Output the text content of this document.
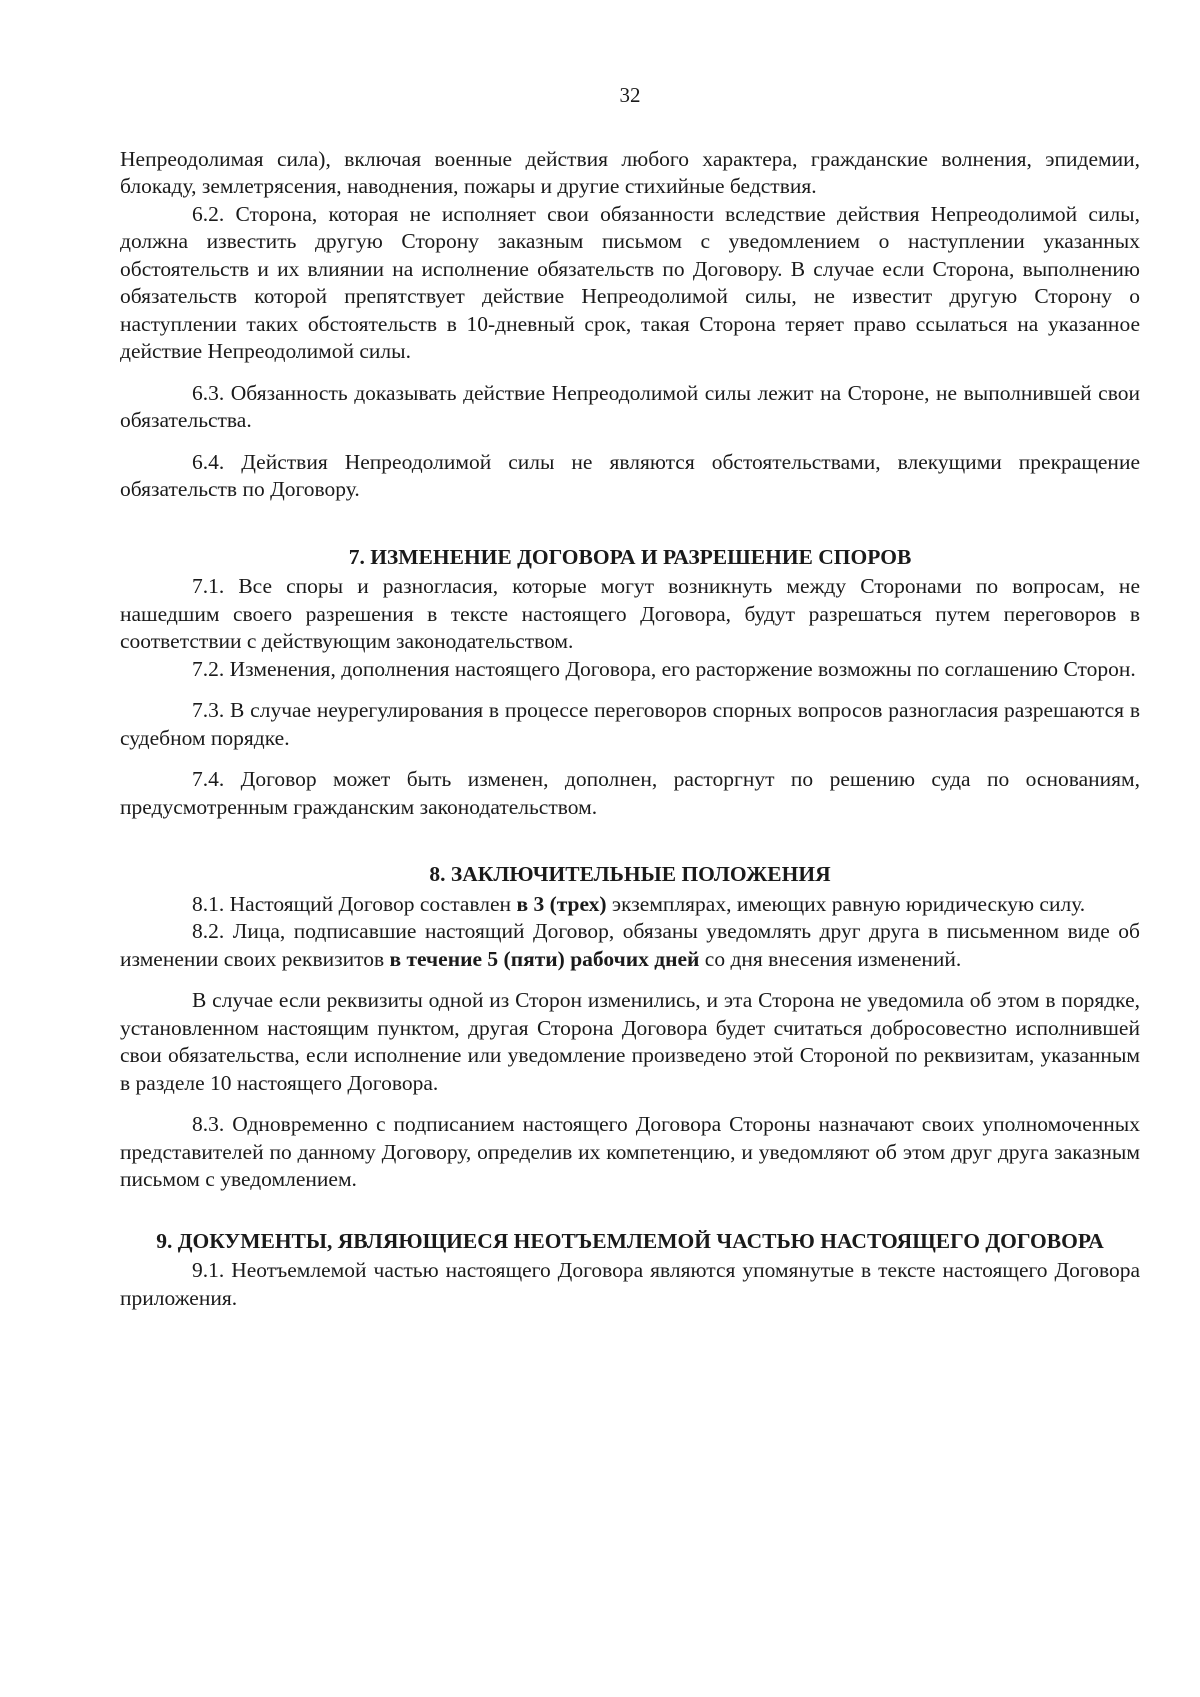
32

Непреодолимая сила), включая военные действия любого характера, гражданские волнения, эпидемии, блокаду, землетрясения, наводнения, пожары и другие стихийные бедствия.

6.2. Сторона, которая не исполняет свои обязанности вследствие действия Непреодолимой силы, должна известить другую Сторону заказным письмом с уведомлением о наступлении указанных обстоятельств и их влиянии на исполнение обязательств по Договору. В случае если Сторона, выполнению обязательств которой препятствует действие Непреодолимой силы, не известит другую Сторону о наступлении таких обстоятельств в 10-дневный срок, такая Сторона теряет право ссылаться на указанное действие Непреодолимой силы.

6.3. Обязанность доказывать действие Непреодолимой силы лежит на Стороне, не выполнившей свои обязательства.

6.4. Действия Непреодолимой силы не являются обстоятельствами, влекущими прекращение обязательств по Договору.

7. ИЗМЕНЕНИЕ ДОГОВОРА И РАЗРЕШЕНИЕ СПОРОВ

7.1. Все споры и разногласия, которые могут возникнуть между Сторонами по вопросам, не нашедшим своего разрешения в тексте настоящего Договора, будут разрешаться путем переговоров в соответствии с действующим законодательством.

7.2. Изменения, дополнения настоящего Договора, его расторжение возможны по соглашению Сторон.

7.3. В случае неурегулирования в процессе переговоров спорных вопросов разногласия разрешаются в судебном порядке.

7.4. Договор может быть изменен, дополнен, расторгнут по решению суда по основаниям, предусмотренным гражданским законодательством.

8. ЗАКЛЮЧИТЕЛЬНЫЕ ПОЛОЖЕНИЯ

8.1. Настоящий Договор составлен в 3 (трех) экземплярах, имеющих равную юридическую силу.

8.2. Лица, подписавшие настоящий Договор, обязаны уведомлять друг друга в письменном виде об изменении своих реквизитов в течение 5 (пяти) рабочих дней со дня внесения изменений.

В случае если реквизиты одной из Сторон изменились, и эта Сторона не уведомила об этом в порядке, установленном настоящим пунктом, другая Сторона Договора будет считаться добросовестно исполнившей свои обязательства, если исполнение или уведомление произведено этой Стороной по реквизитам, указанным в разделе 10 настоящего Договора.

8.3. Одновременно с подписанием настоящего Договора Стороны назначают своих уполномоченных представителей по данному Договору, определив их компетенцию, и уведомляют об этом друг друга заказным письмом с уведомлением.

9. ДОКУМЕНТЫ, ЯВЛЯЮЩИЕСЯ НЕОТЪЕМЛЕМОЙ ЧАСТЬЮ НАСТОЯЩЕГО ДОГОВОРА

9.1. Неотъемлемой частью настоящего Договора являются упомянутые в тексте настоящего Договора приложения.
